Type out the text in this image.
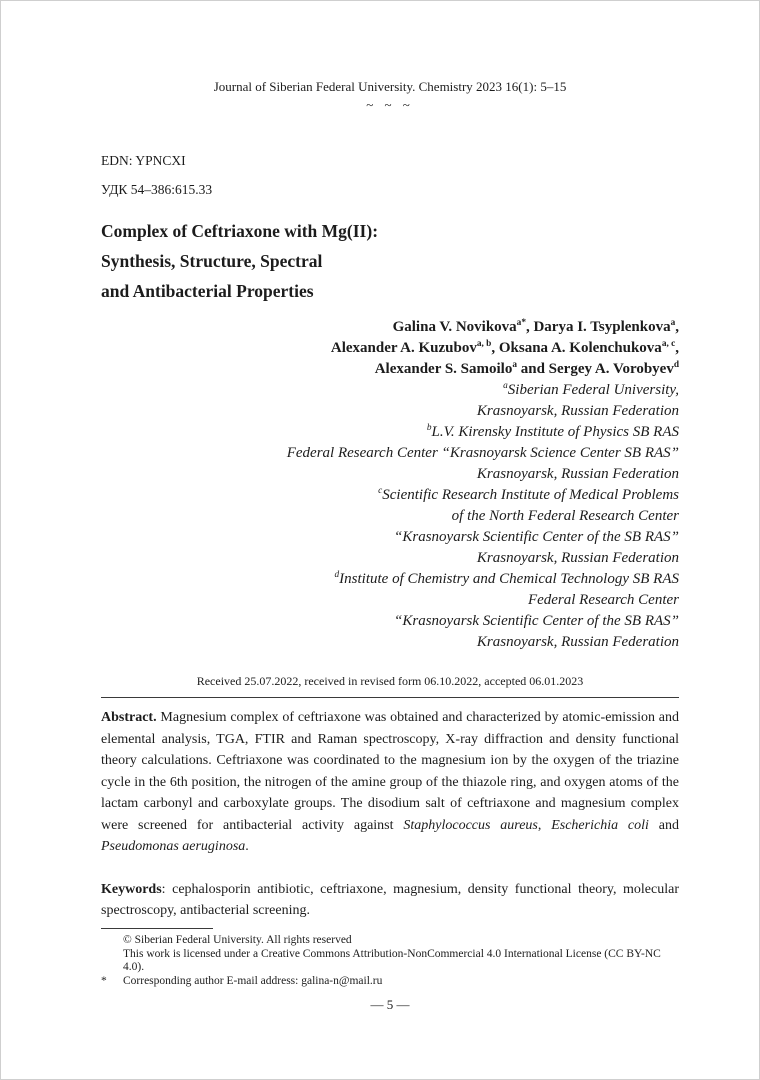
Journal of Siberian Federal University. Chemistry 2023 16(1): 5–15
~ ~ ~
EDN: YPNCXI
УДК 54–386:615.33
Complex of Ceftriaxone with Mg(II):
Synthesis, Structure, Spectral
and Antibacterial Properties
Galina V. Novikova$^{a*}$, Darya I. Tsyplenkova$^a$,
Alexander A. Kuzubov$^{a, b}$, Oksana A. Kolenchukova$^{a, c}$,
Alexander S. Samoilo$^a$ and Sergey A. Vorobyev$^d$
$^a$Siberian Federal University,
Krasnoyarsk, Russian Federation
$^b$L.V. Kirensky Institute of Physics SB RAS
Federal Research Center “Krasnoyarsk Science Center SB RAS”
Krasnoyarsk, Russian Federation
$^c$Scientific Research Institute of Medical Problems
of the North Federal Research Center
“Krasnoyarsk Scientific Center of the SB RAS”
Krasnoyarsk, Russian Federation
$^d$Institute of Chemistry and Chemical Technology SB RAS
Federal Research Center
“Krasnoyarsk Scientific Center of the SB RAS”
Krasnoyarsk, Russian Federation
Received 25.07.2022, received in revised form 06.10.2022, accepted 06.01.2023

Abstract. Magnesium complex of ceftriaxone was obtained and characterized by atomic-emission and elemental analysis, TGA, FTIR and Raman spectroscopy, X-ray diffraction and density functional theory calculations. Ceftriaxone was coordinated to the magnesium ion by the oxygen of the triazine cycle in the 6th position, the nitrogen of the amine group of the thiazole ring, and oxygen atoms of the lactam carbonyl and carboxylate groups. The disodium salt of ceftriaxone and magnesium complex were screened for antibacterial activity against Staphylococcus aureus, Escherichia coli and Pseudomonas aeruginosa.

Keywords: cephalosporin antibiotic, ceftriaxone, magnesium, density functional theory, molecular spectroscopy, antibacterial screening.

© Siberian Federal University. All rights reserved
This work is licensed under a Creative Commons Attribution-NonCommercial 4.0 International License (CC BY-NC 4.0).
*	Corresponding author E-mail address: galina-n@mail.ru
— 5 —
